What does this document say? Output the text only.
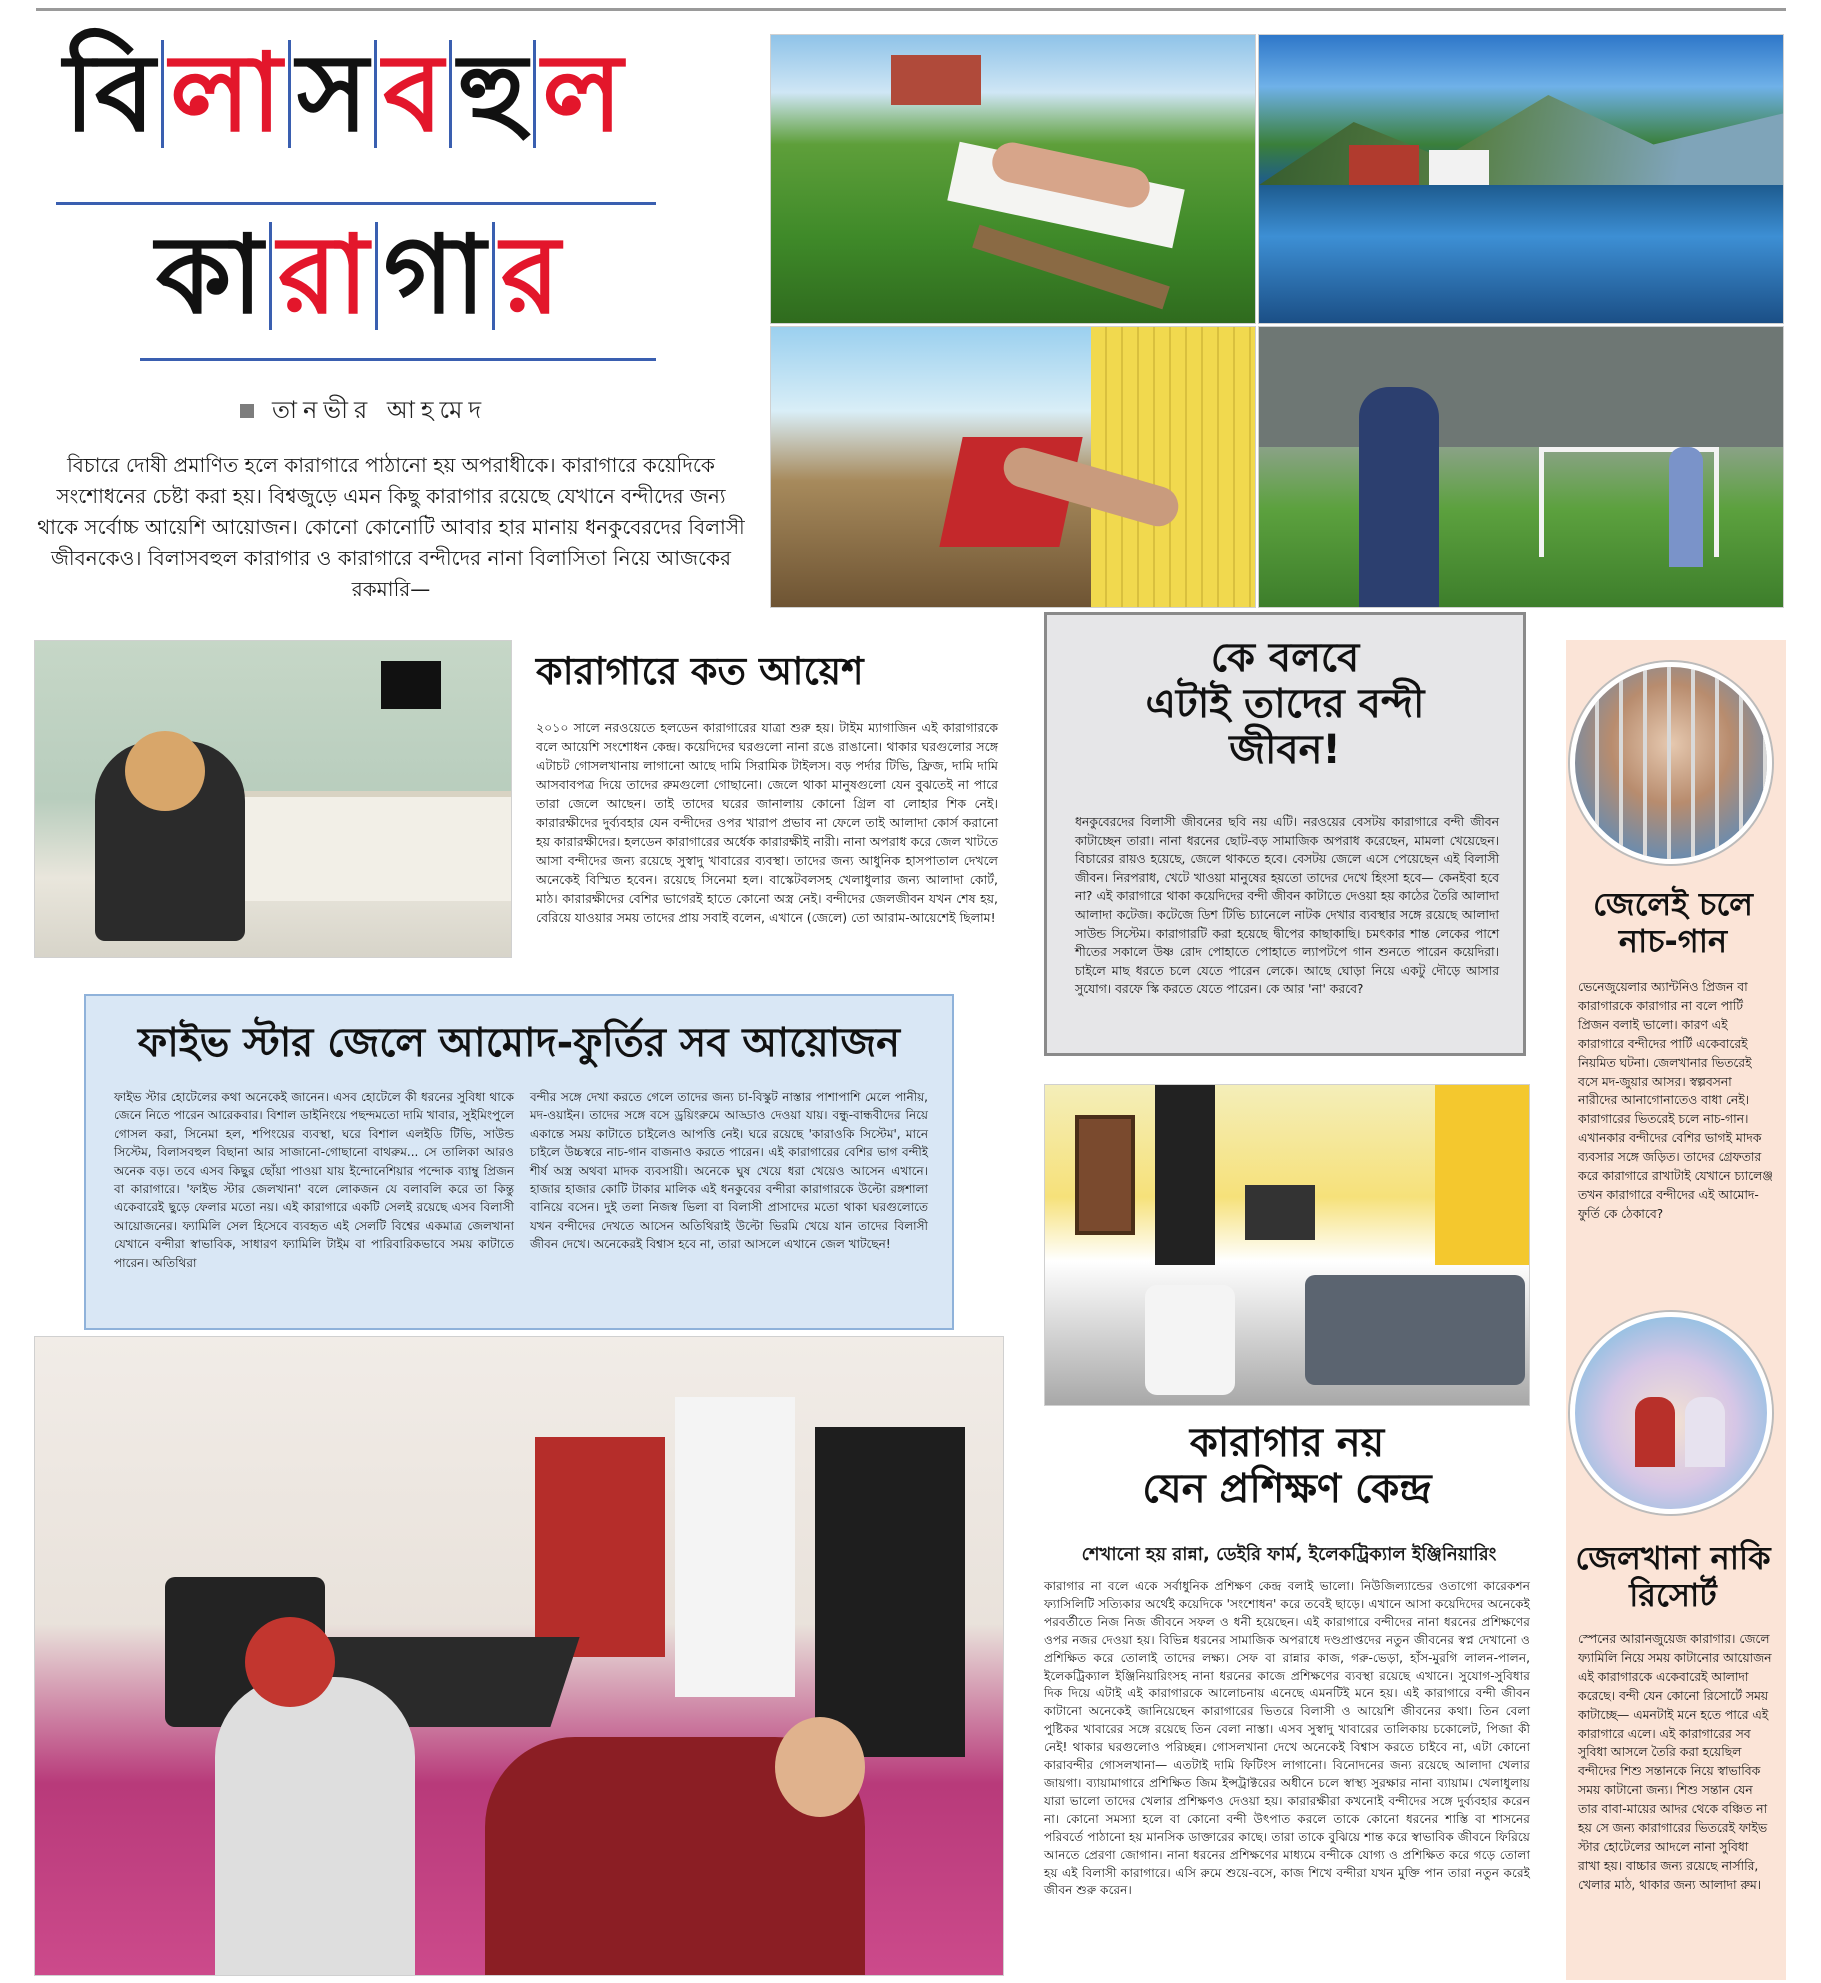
বি লা স ব হু ল
কা রা গা র
তানভীর আহমেদ
বিচারে দোষী প্রমাণিত হলে কারাগারে পাঠানো হয় অপরাধীকে। কারাগারে কয়েদিকে সংশোধনের চেষ্টা করা হয়। বিশ্বজুড়ে এমন কিছু কারাগার রয়েছে যেখানে বন্দীদের জন্য থাকে সর্বোচ্চ আয়েশি আয়োজন। কোনো কোনোটি আবার হার মানায় ধনকুবেরদের বিলাসী জীবনকেও। বিলাসবহুল কারাগার ও কারাগারে বন্দীদের নানা বিলাসিতা নিয়ে আজকের রকমারি—
কারাগারে কত আয়েশ
২০১০ সালে নরওয়েতে হলডেন কারাগারের যাত্রা শুরু হয়। টাইম ম্যাগাজিন এই কারাগারকে বলে আয়েশি সংশোধন কেন্দ্র। কয়েদিদের ঘরগুলো নানা রঙে রাঙানো। থাকার ঘরগুলোর সঙ্গে এটাচট গোসলখানায় লাগানো আছে দামি সিরামিক টাইলস। বড় পর্দার টিভি, ফ্রিজ, দামি দামি আসবাবপত্র দিয়ে তাদের রুমগুলো গোছানো। জেলে থাকা মানুষগুলো যেন বুঝতেই না পারে তারা জেলে আছেন। তাই তাদের ঘরের জানালায় কোনো গ্রিল বা লোহার শিক নেই। কারারক্ষীদের দুর্ব্যবহার যেন বন্দীদের ওপর খারাপ প্রভাব না ফেলে তাই আলাদা কোর্স করানো হয় কারারক্ষীদের। হলডেন কারাগারের অর্ধেক কারারক্ষীই নারী। নানা অপরাধ করে জেল খাটতে আসা বন্দীদের জন্য রয়েছে সুস্বাদু খাবারের ব্যবস্থা। তাদের জন্য আধুনিক হাসপাতাল দেখলে অনেকেই বিস্মিত হবেন। রয়েছে সিনেমা হল। বাস্কেটবলসহ খেলাধুলার জন্য আলাদা কোর্ট, মাঠ। কারারক্ষীদের বেশির ভাগেরই হাতে কোনো অস্ত্র নেই। বন্দীদের জেলজীবন যখন শেষ হয়, বেরিয়ে যাওয়ার সময় তাদের প্রায় সবাই বলেন, এখানে (জেলে) তো আরাম-আয়েশেই ছিলাম!
ফাইভ স্টার জেলে আমোদ-ফুর্তির সব আয়োজন
ফাইভ স্টার হোটেলের কথা অনেকেই জানেন। এসব হোটেলে কী ধরনের সুবিধা থাকে জেনে নিতে পারেন আরেকবার। বিশাল ডাইনিংয়ে পছন্দমতো দামি খাবার, সুইমিংপুলে গোসল করা, সিনেমা হল, শপিংয়ের ব্যবস্থা, ঘরে বিশাল এলইডি টিভি, সাউন্ড সিস্টেম, বিলাসবহুল বিছানা আর সাজানো-গোছানো বাথরুম... সে তালিকা আরও অনেক বড়। তবে এসব কিছুর ছোঁয়া পাওয়া যায় ইন্দোনেশিয়ার পন্দোক ব্যাম্বু প্রিজন বা কারাগারে। 'ফাইভ স্টার জেলখানা' বলে লোকজন যে বলাবলি করে তা কিন্তু একেবারেই ছুড়ে ফেলার মতো নয়। এই কারাগারে একটি সেলই রয়েছে এসব বিলাসী আয়োজনের। ফ্যামিলি সেল হিসেবে ব্যবহৃত এই সেলটি বিশ্বের একমাত্র জেলখানা যেখানে বন্দীরা স্বাভাবিক, সাধারণ ফ্যামিলি টাইম বা পারিবারিকভাবে সময় কাটাতে পারেন। অতিথিরা
বন্দীর সঙ্গে দেখা করতে গেলে তাদের জন্য চা-বিস্কুট নাস্তার পাশাপাশি মেলে পানীয়, মদ-ওয়াইন। তাদের সঙ্গে বসে ড্রয়িংরুমে আড্ডাও দেওয়া যায়। বন্ধু-বান্ধবীদের নিয়ে একান্তে সময় কাটাতে চাইলেও আপত্তি নেই। ঘরে রয়েছে 'কারাওকি সিস্টেম', মানে চাইলে উচ্চস্বরে নাচ-গান বাজনাও করতে পারেন। এই কারাগারের বেশির ভাগ বন্দীই শীর্ষ অস্ত্র অথবা মাদক ব্যবসায়ী। অনেকে ঘুষ খেয়ে ধরা খেয়েও আসেন এখানে। হাজার হাজার কোটি টাকার মালিক এই ধনকুবের বন্দীরা কারাগারকে উল্টো রঙ্গশালা বানিয়ে বসেন। দুই তলা নিজস্ব ভিলা বা বিলাসী প্রাসাদের মতো থাকা ঘরগুলোতে যখন বন্দীদের দেখতে আসেন অতিথিরাই উল্টো ভিরমি খেয়ে যান তাদের বিলাসী জীবন দেখে। অনেকেরই বিশ্বাস হবে না, তারা আসলে এখানে জেল খাটছেন!
কে বলবে
এটাই তাদের বন্দী
জীবন!
ধনকুবেরদের বিলাসী জীবনের ছবি নয় এটি। নরওয়ের বেসটয় কারাগারে বন্দী জীবন কাটাচ্ছেন তারা। নানা ধরনের ছোট-বড় সামাজিক অপরাধ করেছেন, মামলা খেয়েছেন। বিচারের রায়ও হয়েছে, জেলে থাকতে হবে। বেসটয় জেলে এসে পেয়েছেন এই বিলাসী জীবন। নিরপরাধ, খেটে খাওয়া মানুষের হয়তো তাদের দেখে হিংসা হবে— কেনইবা হবে না? এই কারাগারে থাকা কয়েদিদের বন্দী জীবন কাটাতে দেওয়া হয় কাঠের তৈরি আলাদা আলাদা কটেজ। কটেজে ডিশ টিভি চ্যানেলে নাটক দেখার ব্যবস্থার সঙ্গে রয়েছে আলাদা সাউন্ড সিস্টেম। কারাগারটি করা হয়েছে দ্বীপের কাছাকাছি। চমৎকার শান্ত লেকের পাশে শীতের সকালে উষ্ণ রোদ পোহাতে পোহাতে ল্যাপটপে গান শুনতে পারেন কয়েদিরা। চাইলে মাছ ধরতে চলে যেতে পারেন লেকে। আছে ঘোড়া নিয়ে একটু দৌড়ে আসার সুযোগ। বরফে স্কি করতে যেতে পারেন। কে আর 'না' করবে?
কারাগার নয়
যেন প্রশিক্ষণ কেন্দ্র
শেখানো হয় রান্না, ডেইরি ফার্ম, ইলেকট্রিক্যাল ইঞ্জিনিয়ারিং
কারাগার না বলে একে সর্বাধুনিক প্রশিক্ষণ কেন্দ্র বলাই ভালো। নিউজিল্যান্ডের ওতাগো কারেকশন ফ্যাসিলিটি সত্যিকার অর্থেই কয়েদিকে 'সংশোধন' করে তবেই ছাড়ে। এখানে আসা কয়েদিদের অনেকেই পরবর্তীতে নিজ নিজ জীবনে সফল ও ধনী হয়েছেন। এই কারাগারে বন্দীদের নানা ধরনের প্রশিক্ষণের ওপর নজর দেওয়া হয়। বিভিন্ন ধরনের সামাজিক অপরাধে দণ্ডপ্রাপ্তদের নতুন জীবনের স্বপ্ন দেখানো ও প্রশিক্ষিত করে তোলাই তাদের লক্ষ্য। সেফ বা রান্নার কাজ, গরু-ভেড়া, হাঁস-মুরগি লালন-পালন, ইলেকট্রিক্যাল ইঞ্জিনিয়ারিংসহ নানা ধরনের কাজে প্রশিক্ষণের ব্যবস্থা রয়েছে এখানে। সুযোগ-সুবিধার দিক দিয়ে এটাই এই কারাগারকে আলোচনায় এনেছে এমনটিই মনে হয়। এই কারাগারে বন্দী জীবন কাটানো অনেকেই জানিয়েছেন কারাগারের ভিতরে বিলাসী ও আয়েশি জীবনের কথা। তিন বেলা পুষ্টিকর খাবারের সঙ্গে রয়েছে তিন বেলা নাস্তা। এসব সুস্বাদু খাবারের তালিকায় চকোলেট, পিজা কী নেই! থাকার ঘরগুলোও পরিচ্ছন্ন। গোসলখানা দেখে অনেকেই বিশ্বাস করতে চাইবে না, এটা কোনো কারাবন্দীর গোসলখানা— এতটাই দামি ফিটিংস লাগানো। বিনোদনের জন্য রয়েছে আলাদা খেলার জায়গা। ব্যায়ামাগারে প্রশিক্ষিত জিম ইন্সট্রাক্টরের অধীনে চলে স্বাস্থ্য সুরক্ষার নানা ব্যায়াম। খেলাধুলায় যারা ভালো তাদের খেলার প্রশিক্ষণও দেওয়া হয়। কারারক্ষীরা কখনোই বন্দীদের সঙ্গে দুর্ব্যবহার করেন না। কোনো সমস্যা হলে বা কোনো বন্দী উৎপাত করলে তাকে কোনো ধরনের শাস্তি বা শাসনের পরিবর্তে পাঠানো হয় মানসিক ডাক্তারের কাছে। তারা তাকে বুঝিয়ে শান্ত করে স্বাভাবিক জীবনে ফিরিয়ে আনতে প্রেরণা জোগান। নানা ধরনের প্রশিক্ষণের মাধ্যমে বন্দীকে যোগ্য ও প্রশিক্ষিত করে গড়ে তোলা হয় এই বিলাসী কারাগারে। এসি রুমে শুয়ে-বসে, কাজ শিখে বন্দীরা যখন মুক্তি পান তারা নতুন করেই জীবন শুরু করেন।
জেলেই চলে
নাচ-গান
ভেনেজুয়েলার অ্যান্টনিও প্রিজন বা কারাগারকে কারাগার না বলে পার্টি প্রিজন বলাই ভালো। কারণ এই কারাগারে বন্দীদের পার্টি একেবারেই নিয়মিত ঘটনা। জেলখানার ভিতরেই বসে মদ-জুয়ার আসর। স্বল্পবসনা নারীদের আনাগোনাতেও বাধা নেই। কারাগারের ভিতরেই চলে নাচ-গান। এখানকার বন্দীদের বেশির ভাগই মাদক ব্যবসার সঙ্গে জড়িত। তাদের গ্রেফতার করে কারাগারে রাখাটাই যেখানে চ্যালেঞ্জ তখন কারাগারে বন্দীদের এই আমোদ-ফুর্তি কে ঠেকাবে?
জেলখানা নাকি
রিসোর্ট
স্পেনের আরানজুয়েজ কারাগার। জেলে ফ্যামিলি নিয়ে সময় কাটানোর আয়োজন এই কারাগারকে একেবারেই আলাদা করেছে। বন্দী যেন কোনো রিসোর্টে সময় কাটাচ্ছে— এমনটাই মনে হতে পারে এই কারাগারে এলে। এই কারাগারের সব সুবিধা আসলে তৈরি করা হয়েছিল বন্দীদের শিশু সন্তানকে নিয়ে স্বাভাবিক সময় কাটানো জন্য। শিশু সন্তান যেন তার বাবা-মায়ের আদর থেকে বঞ্চিত না হয় সে জন্য কারাগারের ভিতরেই ফাইভ স্টার হোটেলের আদলে নানা সুবিধা রাখা হয়। বাচ্চার জন্য রয়েছে নার্সারি, খেলার মাঠ, থাকার জন্য আলাদা রুম।
